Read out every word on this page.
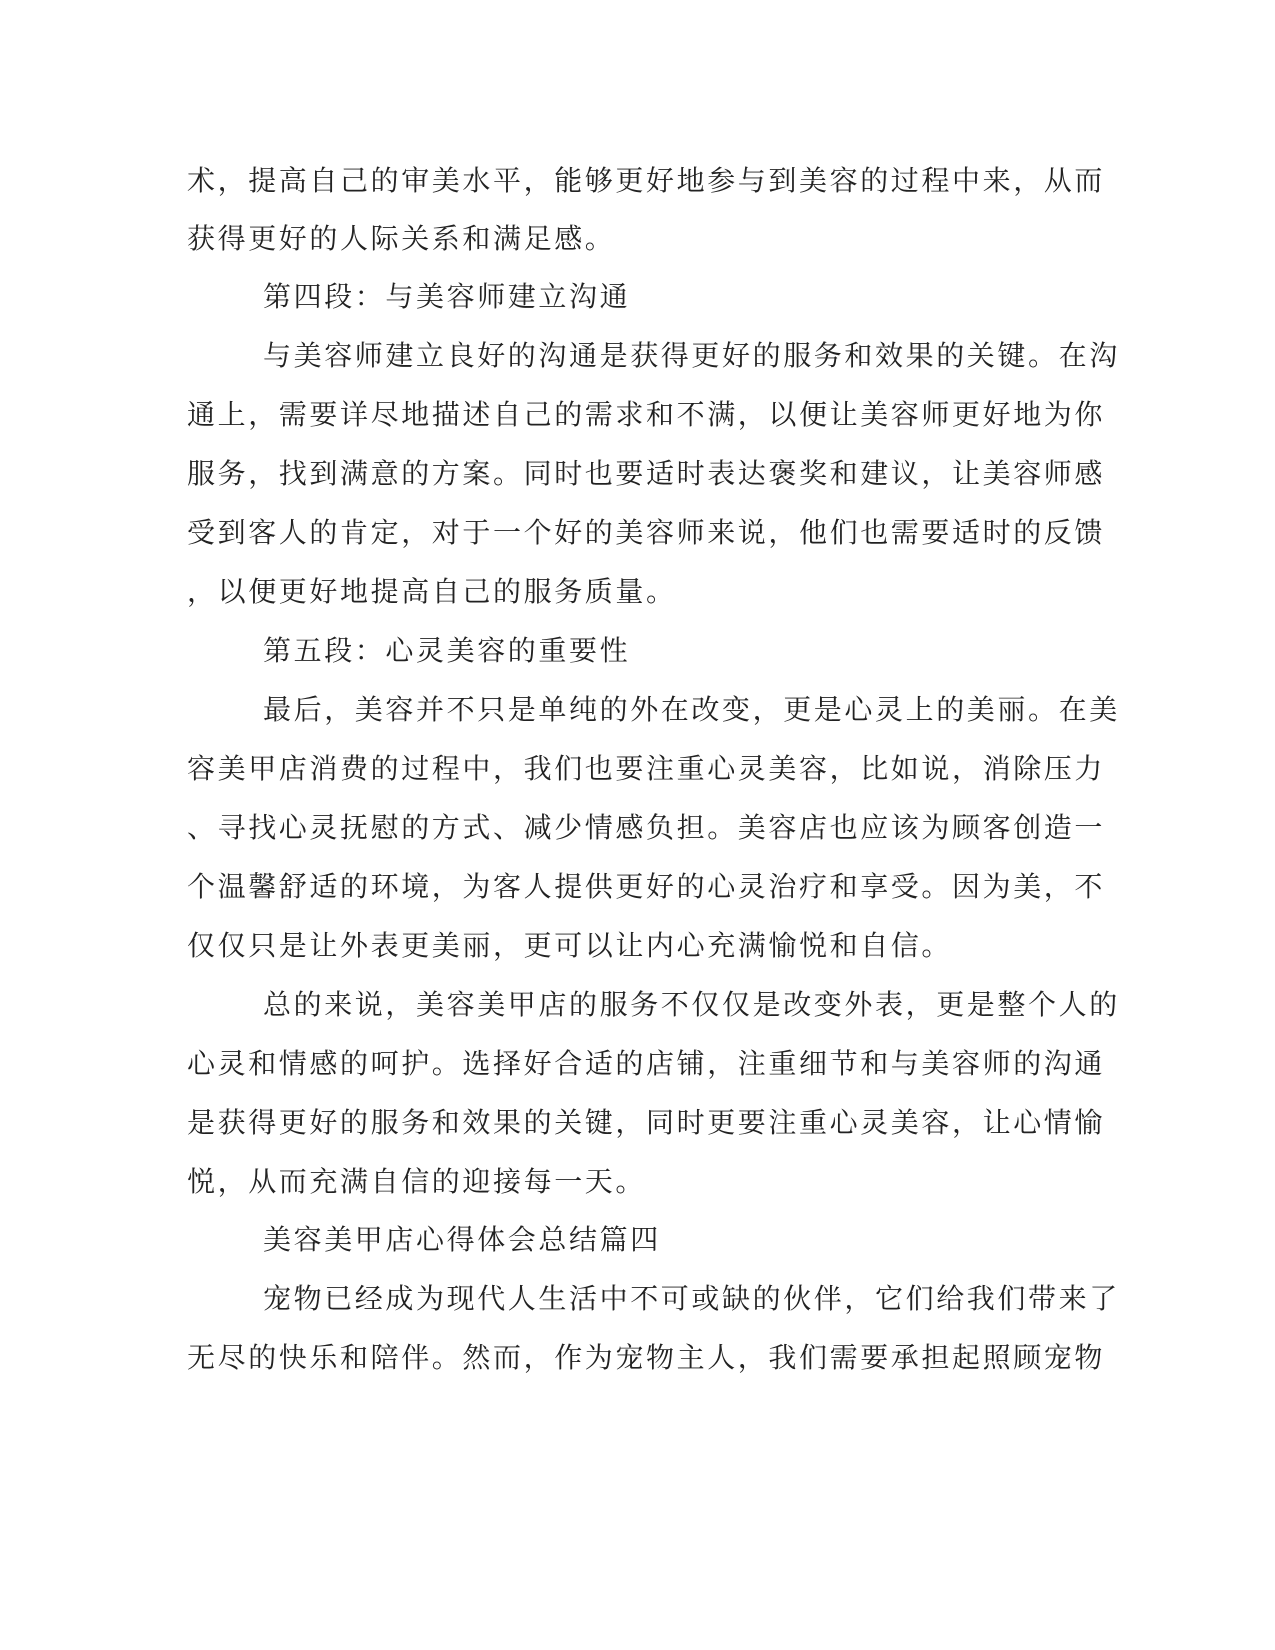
术，提高自己的审美水平，能够更好地参与到美容的过程中来，从而
获得更好的人际关系和满足感。
第四段：与美容师建立沟通
与美容师建立良好的沟通是获得更好的服务和效果的关键。在沟
通上，需要详尽地描述自己的需求和不满，以便让美容师更好地为你
服务，找到满意的方案。同时也要适时表达褒奖和建议，让美容师感
受到客人的肯定，对于一个好的美容师来说，他们也需要适时的反馈
，以便更好地提高自己的服务质量。
第五段：心灵美容的重要性
最后，美容并不只是单纯的外在改变，更是心灵上的美丽。在美
容美甲店消费的过程中，我们也要注重心灵美容，比如说，消除压力
、寻找心灵抚慰的方式、减少情感负担。美容店也应该为顾客创造一
个温馨舒适的环境，为客人提供更好的心灵治疗和享受。因为美，不
仅仅只是让外表更美丽，更可以让内心充满愉悦和自信。
总的来说，美容美甲店的服务不仅仅是改变外表，更是整个人的
心灵和情感的呵护。选择好合适的店铺，注重细节和与美容师的沟通
是获得更好的服务和效果的关键，同时更要注重心灵美容，让心情愉
悦，从而充满自信的迎接每一天。
美容美甲店心得体会总结篇四
宠物已经成为现代人生活中不可或缺的伙伴，它们给我们带来了
无尽的快乐和陪伴。然而，作为宠物主人，我们需要承担起照顾宠物
